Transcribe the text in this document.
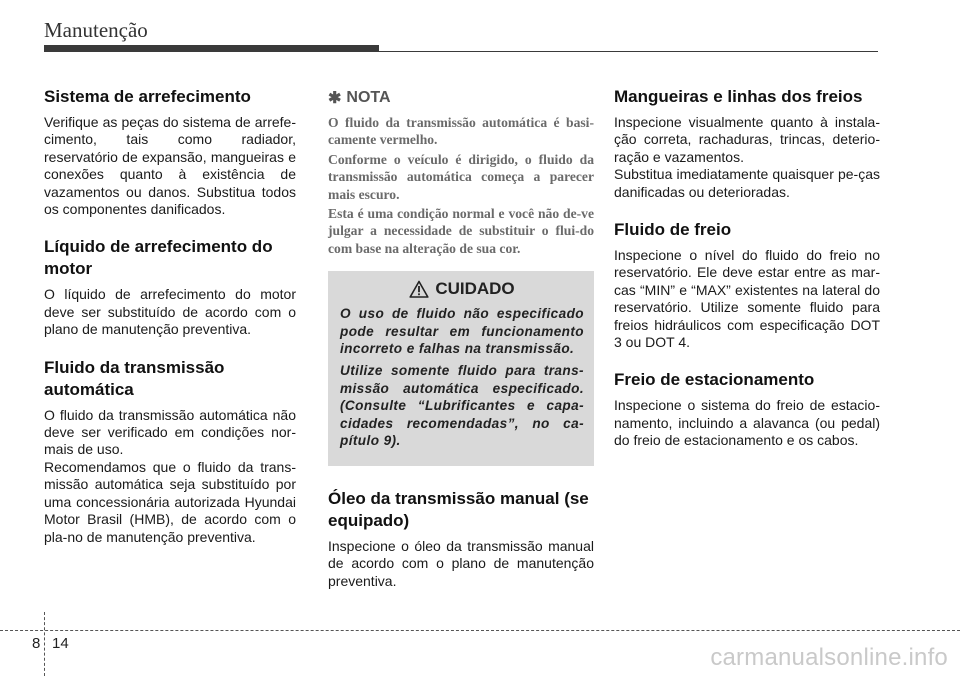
Manutenção
Sistema de arrefecimento

Verifique as peças do sistema de arrefe-cimento, tais como radiador, reservatório de expansão, mangueiras e conexões quanto à existência de vazamentos ou danos. Substitua todos os componentes danificados.

Líquido de arrefecimento do motor

O líquido de arrefecimento do motor deve ser substituído de acordo com o plano de manutenção preventiva.

Fluido da transmissão automática

O fluido da transmissão automática não deve ser verificado em condições nor-mais de uso.

Recomendamos que o fluido da trans-missão automática seja substituído por uma concessionária autorizada Hyundai Motor Brasil (HMB), de acordo com o pla-no de manutenção preventiva.

✱ NOTA

O fluido da transmissão automática é basi-camente vermelho.

Conforme o veículo é dirigido, o fluido da transmissão automática começa a parecer mais escuro.

Esta é uma condição normal e você não de-ve julgar a necessidade de substituir o flui-do com base na alteração de sua cor.

CUIDADO

O uso de fluido não especificado pode resultar em funcionamento incorreto e falhas na transmissão.

Utilize somente fluido para trans-missão automática especificado. (Consulte “Lubrificantes e capa-cidades recomendadas”, no ca-pítulo 9).

Óleo da transmissão manual (se equipado)

Inspecione o óleo da transmissão manual de acordo com o plano de manutenção preventiva.

Mangueiras e linhas dos freios

Inspecione visualmente quanto à instala-ção correta, rachaduras, trincas, deterio-ração e vazamentos.

Substitua imediatamente quaisquer pe-ças danificadas ou deterioradas.

Fluido de freio

Inspecione o nível do fluido do freio no reservatório. Ele deve estar entre as mar-cas “MIN” e “MAX” existentes na lateral do reservatório. Utilize somente fluido para freios hidráulicos com especificação DOT 3 ou DOT 4.

Freio de estacionamento

Inspecione o sistema do freio de estacio-namento, incluindo a alavanca (ou pedal) do freio de estacionamento e os cabos.

8 14
carmanualsonline.info
